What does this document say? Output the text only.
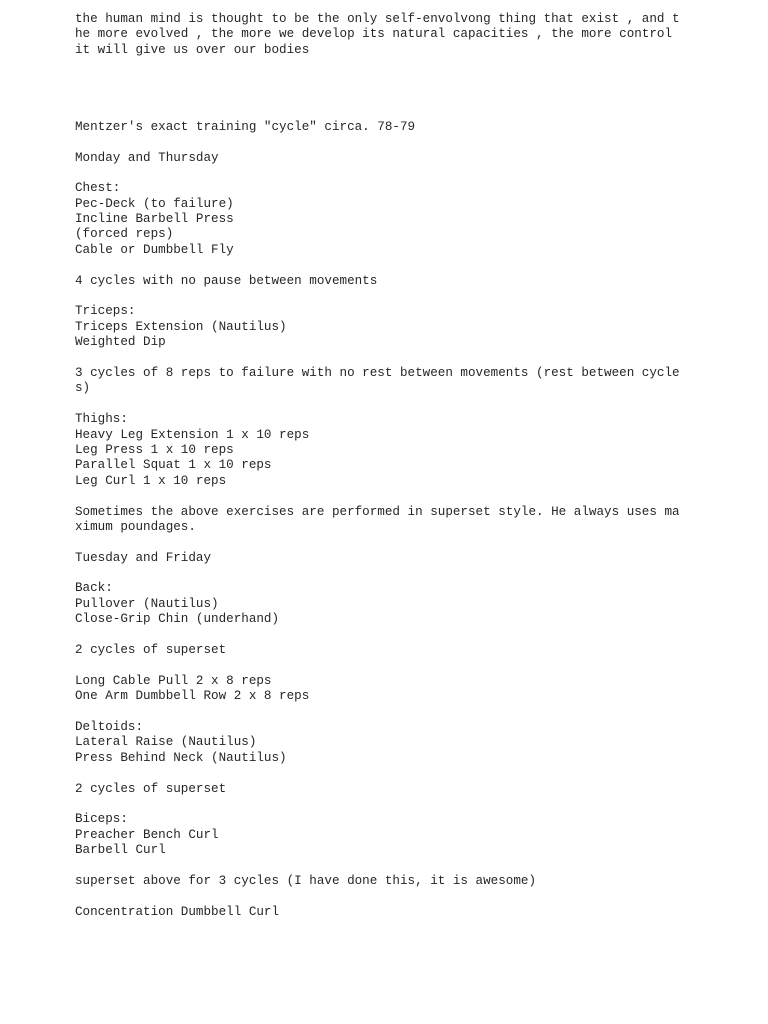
the human mind is thought to be the only self-envolvong thing that exist , and t
he more evolved , the more we develop its natural capacities , the more control
it will give us over our bodies
Mentzer's exact training "cycle" circa. 78-79
Monday and Thursday
Chest:
Pec-Deck (to failure)
Incline Barbell Press
(forced reps)
Cable or Dumbbell Fly
4 cycles with no pause between movements
Triceps:
Triceps Extension (Nautilus)
Weighted Dip
3 cycles of 8 reps to failure with no rest between movements (rest between cycle
s)
Thighs:
Heavy Leg Extension 1 x 10 reps
Leg Press 1 x 10 reps
Parallel Squat 1 x 10 reps
Leg Curl 1 x 10 reps
Sometimes the above exercises are performed in superset style. He always uses ma
ximum poundages.
Tuesday and Friday
Back:
Pullover (Nautilus)
Close-Grip Chin (underhand)
2 cycles of superset
Long Cable Pull 2 x 8 reps
One Arm Dumbbell Row 2 x 8 reps
Deltoids:
Lateral Raise (Nautilus)
Press Behind Neck (Nautilus)
2 cycles of superset
Biceps:
Preacher Bench Curl
Barbell Curl
superset above for 3 cycles (I have done this, it is awesome)
Concentration Dumbbell Curl
